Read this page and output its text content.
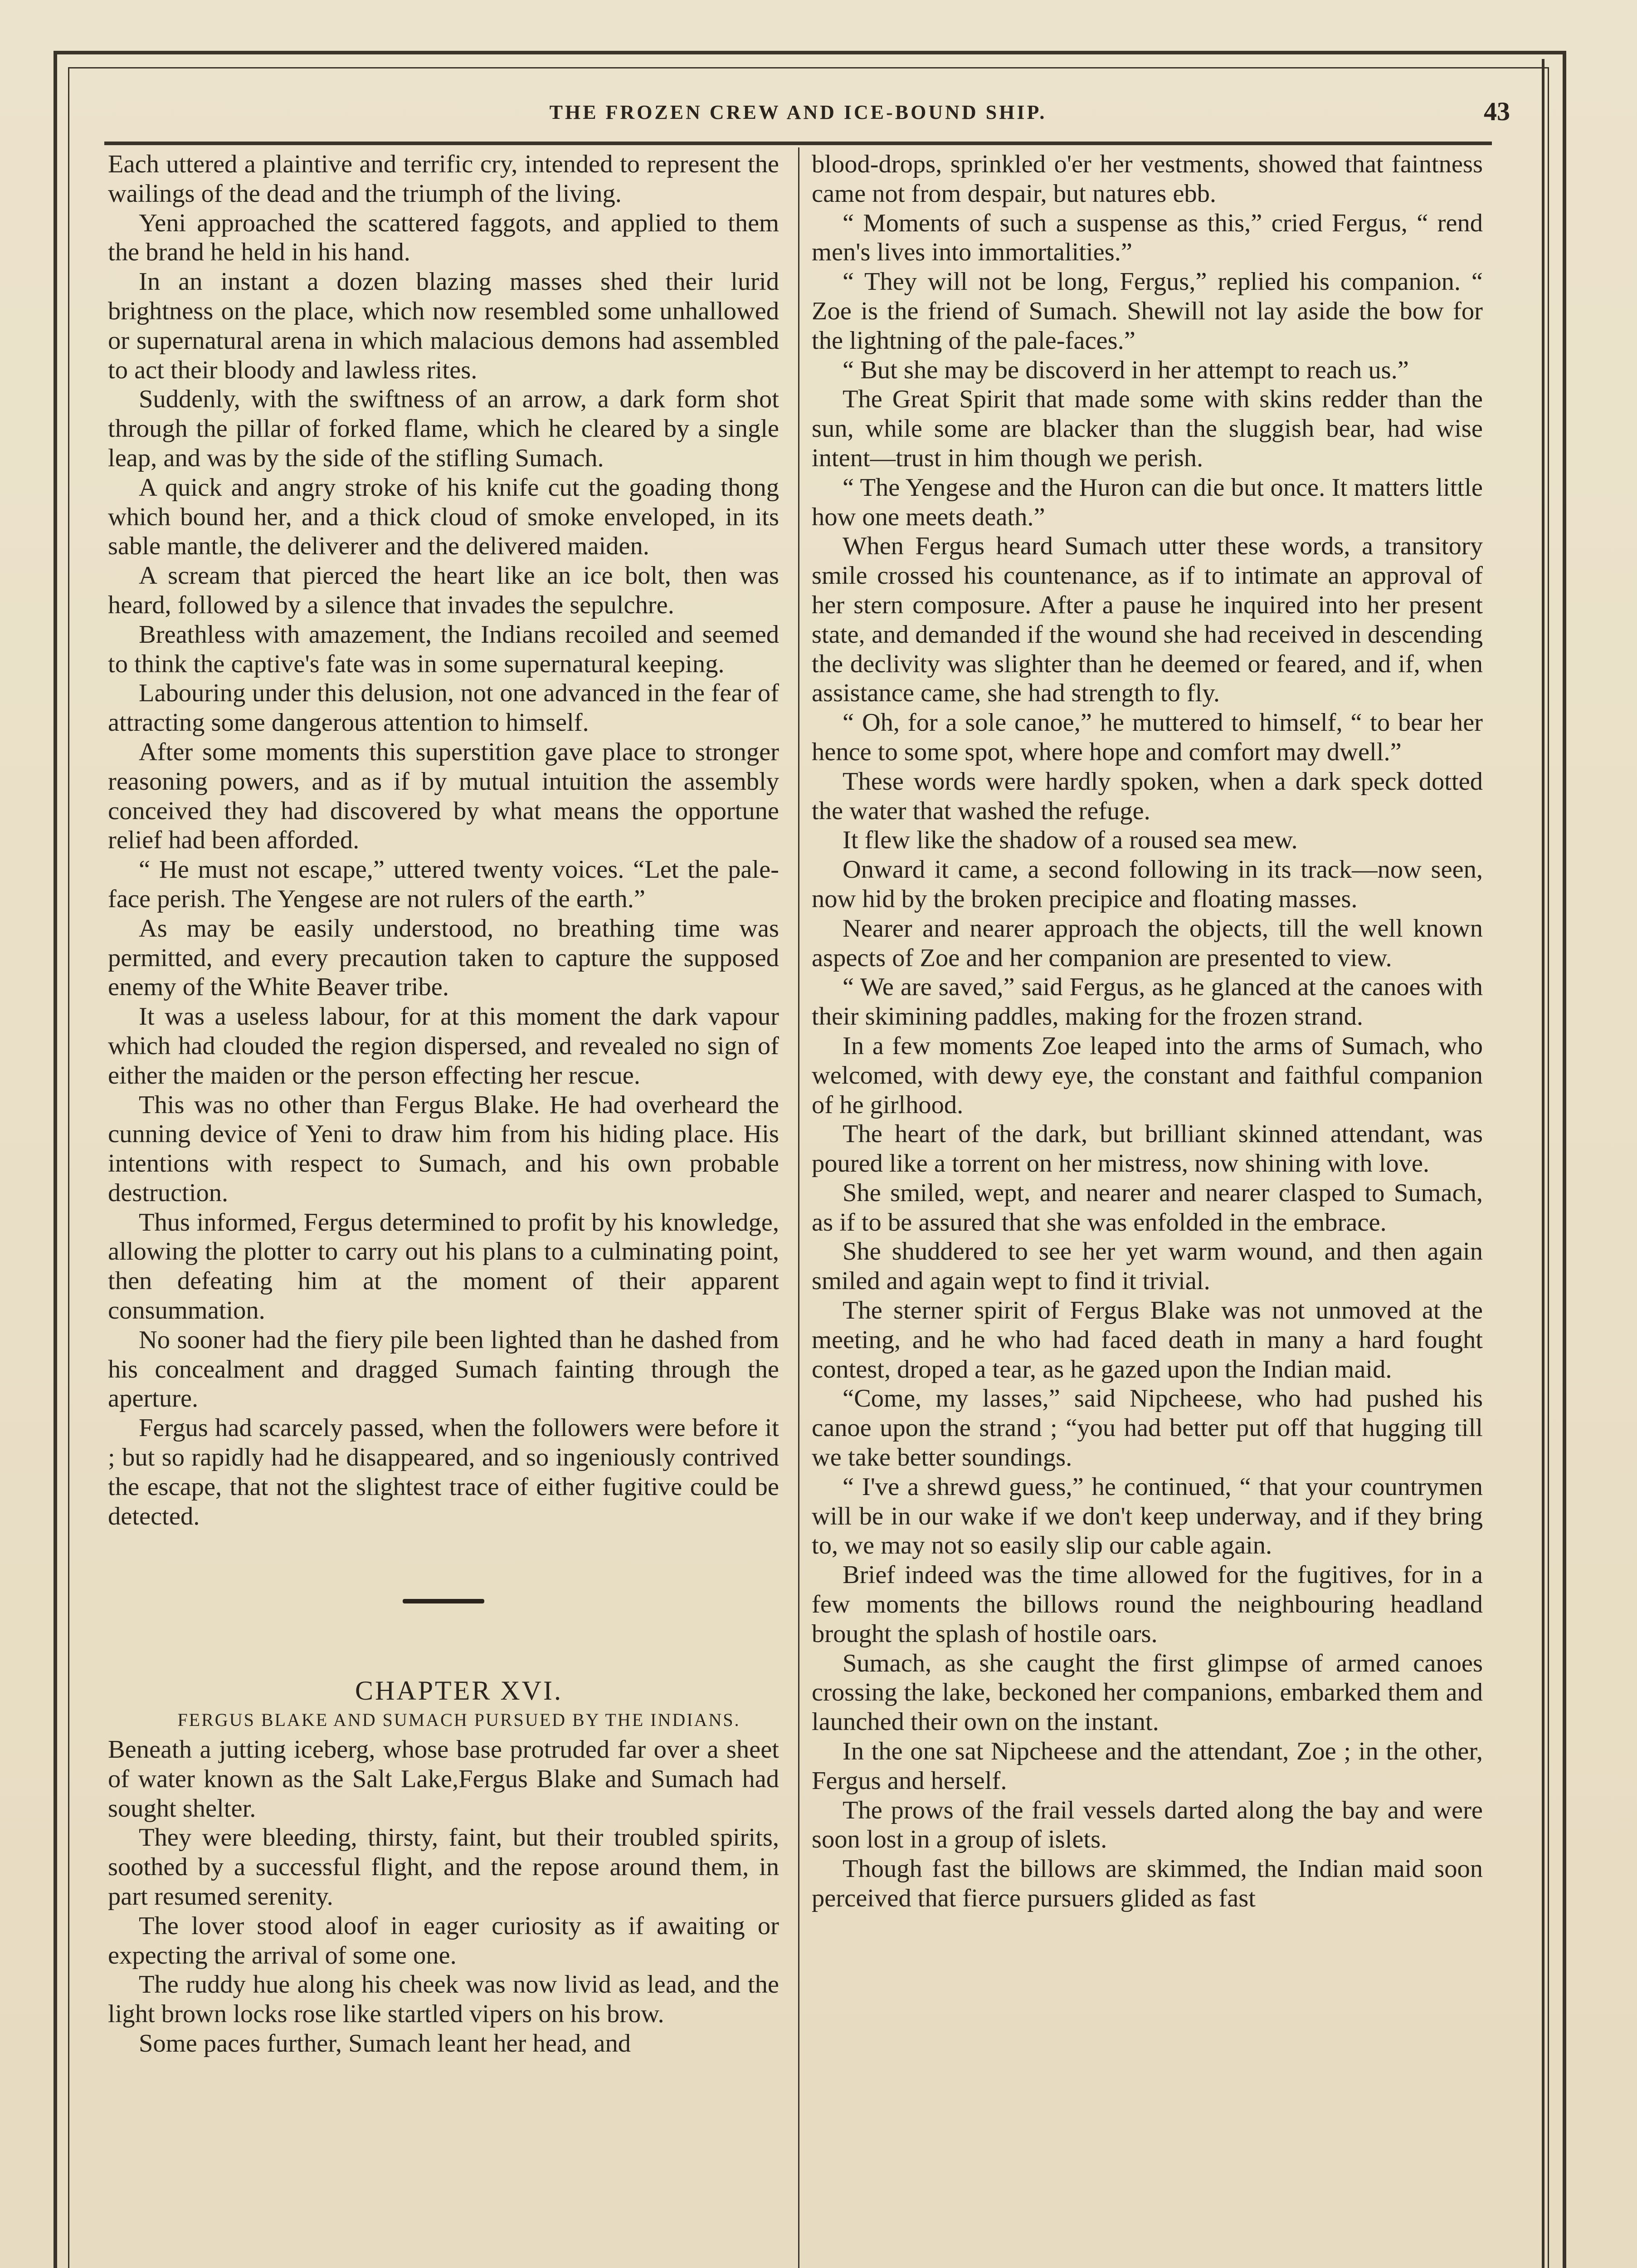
THE FROZEN CREW AND ICE-BOUND SHIP.	43

Each uttered a plaintive and terrific cry, intended to represent the wailings of the dead and the triumph of the living.

Yeni approached the scattered faggots, and applied to them the brand he held in his hand.

In an instant a dozen blazing masses shed their lurid brightness on the place, which now resembled some unhallowed or supernatural arena in which malacious demons had assembled to act their bloody and lawless rites.

Suddenly, with the swiftness of an arrow, a dark form shot through the pillar of forked flame, which he cleared by a single leap, and was by the side of the stifling Sumach.

A quick and angry stroke of his knife cut the goading thong which bound her, and a thick cloud of smoke enveloped, in its sable mantle, the deliverer and the delivered maiden.

A scream that pierced the heart like an ice bolt, then was heard, followed by a silence that invades the sepulchre.

Breathless with amazement, the Indians recoiled and seemed to think the captive's fate was in some supernatural keeping.

Labouring under this delusion, not one advanced in the fear of attracting some dangerous attention to himself.

After some moments this superstition gave place to stronger reasoning powers, and as if by mutual intuition the assembly conceived they had discovered by what means the opportune relief had been afforded.

“ He must not escape,” uttered twenty voices. “Let the pale-face perish. The Yengese are not rulers of the earth.”

As may be easily understood, no breathing time was permitted, and every precaution taken to capture the supposed enemy of the White Beaver tribe.

It was a useless labour, for at this moment the dark vapour which had clouded the region dispersed, and revealed no sign of either the maiden or the person effecting her rescue.

This was no other than Fergus Blake. He had overheard the cunning device of Yeni to draw him from his hiding place. His intentions with respect to Sumach, and his own probable destruction.

Thus informed, Fergus determined to profit by his knowledge, allowing the plotter to carry out his plans to a culminating point, then defeating him at the moment of their apparent consummation.

No sooner had the fiery pile been lighted than he dashed from his concealment and dragged Sumach fainting through the aperture.

Fergus had scarcely passed, when the followers were before it ; but so rapidly had he disappeared, and so ingeniously contrived the escape, that not the slightest trace of either fugitive could be detected.

CHAPTER XVI.

FERGUS BLAKE AND SUMACH PURSUED BY THE INDIANS.

Beneath a jutting iceberg, whose base protruded far over a sheet of water known as the Salt Lake,Fergus Blake and Sumach had sought shelter.

They were bleeding, thirsty, faint, but their troubled spirits, soothed by a successful flight, and the repose around them, in part resumed serenity.

The lover stood aloof in eager curiosity as if awaiting or expecting the arrival of some one.

The ruddy hue along his cheek was now livid as lead, and the light brown locks rose like startled vipers on his brow.

Some paces further, Sumach leant her head, and

blood-drops, sprinkled o'er her vestments, showed that faintness came not from despair, but natures ebb.

“ Moments of such a suspense as this,” cried Fergus, “ rend men's lives into immortalities.”

“ They will not be long, Fergus,” replied his companion. “ Zoe is the friend of Sumach. Shewill not lay aside the bow for the lightning of the pale-faces.”

“ But she may be discoverd in her attempt to reach us.”

The Great Spirit that made some with skins redder than the sun, while some are blacker than the sluggish bear, had wise intent—trust in him though we perish.

“ The Yengese and the Huron can die but once. It matters little how one meets death.”

When Fergus heard Sumach utter these words, a transitory smile crossed his countenance, as if to intimate an approval of her stern composure. After a pause he inquired into her present state, and demanded if the wound she had received in descending the declivity was slighter than he deemed or feared, and if, when assistance came, she had strength to fly.

“ Oh, for a sole canoe,” he muttered to himself, “ to bear her hence to some spot, where hope and comfort may dwell.”

These words were hardly spoken, when a dark speck dotted the water that washed the refuge.

It flew like the shadow of a roused sea mew.

Onward it came, a second following in its track—now seen, now hid by the broken precipice and floating masses.

Nearer and nearer approach the objects, till the well known aspects of Zoe and her companion are presented to view.

“ We are saved,” said Fergus, as he glanced at the canoes with their skimining paddles, making for the frozen strand.

In a few moments Zoe leaped into the arms of Sumach, who welcomed, with dewy eye, the constant and faithful companion of he girlhood.

The heart of the dark, but brilliant skinned attendant, was poured like a torrent on her mistress, now shining with love.

She smiled, wept, and nearer and nearer clasped to Sumach, as if to be assured that she was enfolded in the embrace.

She shuddered to see her yet warm wound, and then again smiled and again wept to find it trivial.

The sterner spirit of Fergus Blake was not unmoved at the meeting, and he who had faced death in many a hard fought contest, droped a tear, as he gazed upon the Indian maid.

“Come, my lasses,” said Nipcheese, who had pushed his canoe upon the strand ; “you had better put off that hugging till we take better soundings.

“ I've a shrewd guess,” he continued, “ that your countrymen will be in our wake if we don't keep underway, and if they bring to, we may not so easily slip our cable again.

Brief indeed was the time allowed for the fugitives, for in a few moments the billows round the neighbouring headland brought the splash of hostile oars.

Sumach, as she caught the first glimpse of armed canoes crossing the lake, beckoned her companions, embarked them and launched their own on the instant.

In the one sat Nipcheese and the attendant, Zoe ; in the other, Fergus and herself.

The prows of the frail vessels darted along the bay and were soon lost in a group of islets.

Though fast the billows are skimmed, the Indian maid soon perceived that fierce pursuers glided as fast
